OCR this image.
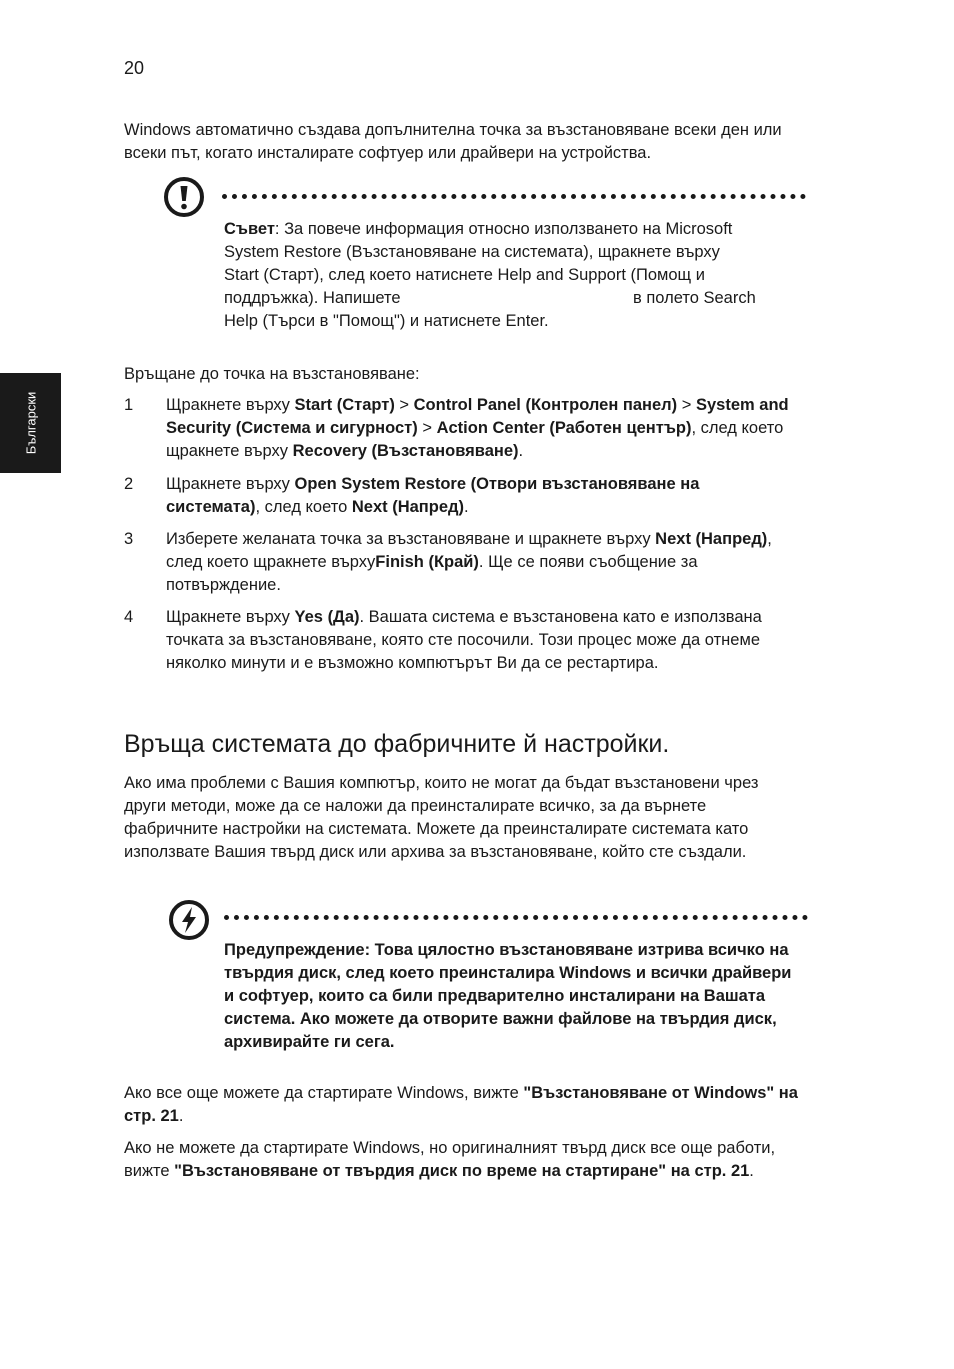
20
Български

Windows автоматично създава допълнителна точка за възстановяване всеки ден или всеки път, когато инсталирате софтуер или драйвери на устройства.

Съвет: За повече информация относно използването на Microsoft
System Restore (Възстановяване на системата), щракнете върху
Start (Старт), след което натиснете Help and Support (Помощ и
поддръжка). Напишете	в полето Search
Help (Търси в "Помощ") и натиснете Enter.

Връщане до точка на възстановяване:

1 Щракнете върху Start (Старт) > Control Panel (Контролен панел) > System and Security (Система и сигурност) > Action Center (Работен център), след което щракнете върху Recovery (Възстановяване).
2 Щракнете върху Open System Restore (Отвори възстановяване на системата), след което Next (Напред).
3 Изберете желаната точка за възстановяване и щракнете върху Next (Напред), след което щракнете върхуFinish (Край). Ще се появи съобщение за потвърждение.
4 Щракнете върху Yes (Да). Вашата система е възстановена като е използвана точката за възстановяване, която сте посочили. Този процес може да отнеме няколко минути и е възможно компютърът Ви да се рестартира.
Връща системата до фабричните й настройки.

Ако има проблеми с Вашия компютър, които не могат да бъдат възстановени чрез други методи, може да се наложи да преинсталирате всичко, за да върнете фабричните настройки на системата. Можете да преинсталирате системата като използвате Вашия твърд диск или архива за възстановяване, който сте създали.

Предупреждение: Това цялостно възстановяване изтрива всичко на твърдия диск, след което преинсталира Windows и всички драйвери и софтуер, които са били предварително инсталирани на Вашата система. Ако можете да отворите важни файлове на твърдия диск, архивирайте ги сега.

Ако все още можете да стартирате Windows, вижте "Възстановяване от Windows" на стр. 21.

Ако не можете да стартирате Windows, но оригиналният твърд диск все още работи, вижте "Възстановяване от твърдия диск по време на стартиране" на стр. 21.
